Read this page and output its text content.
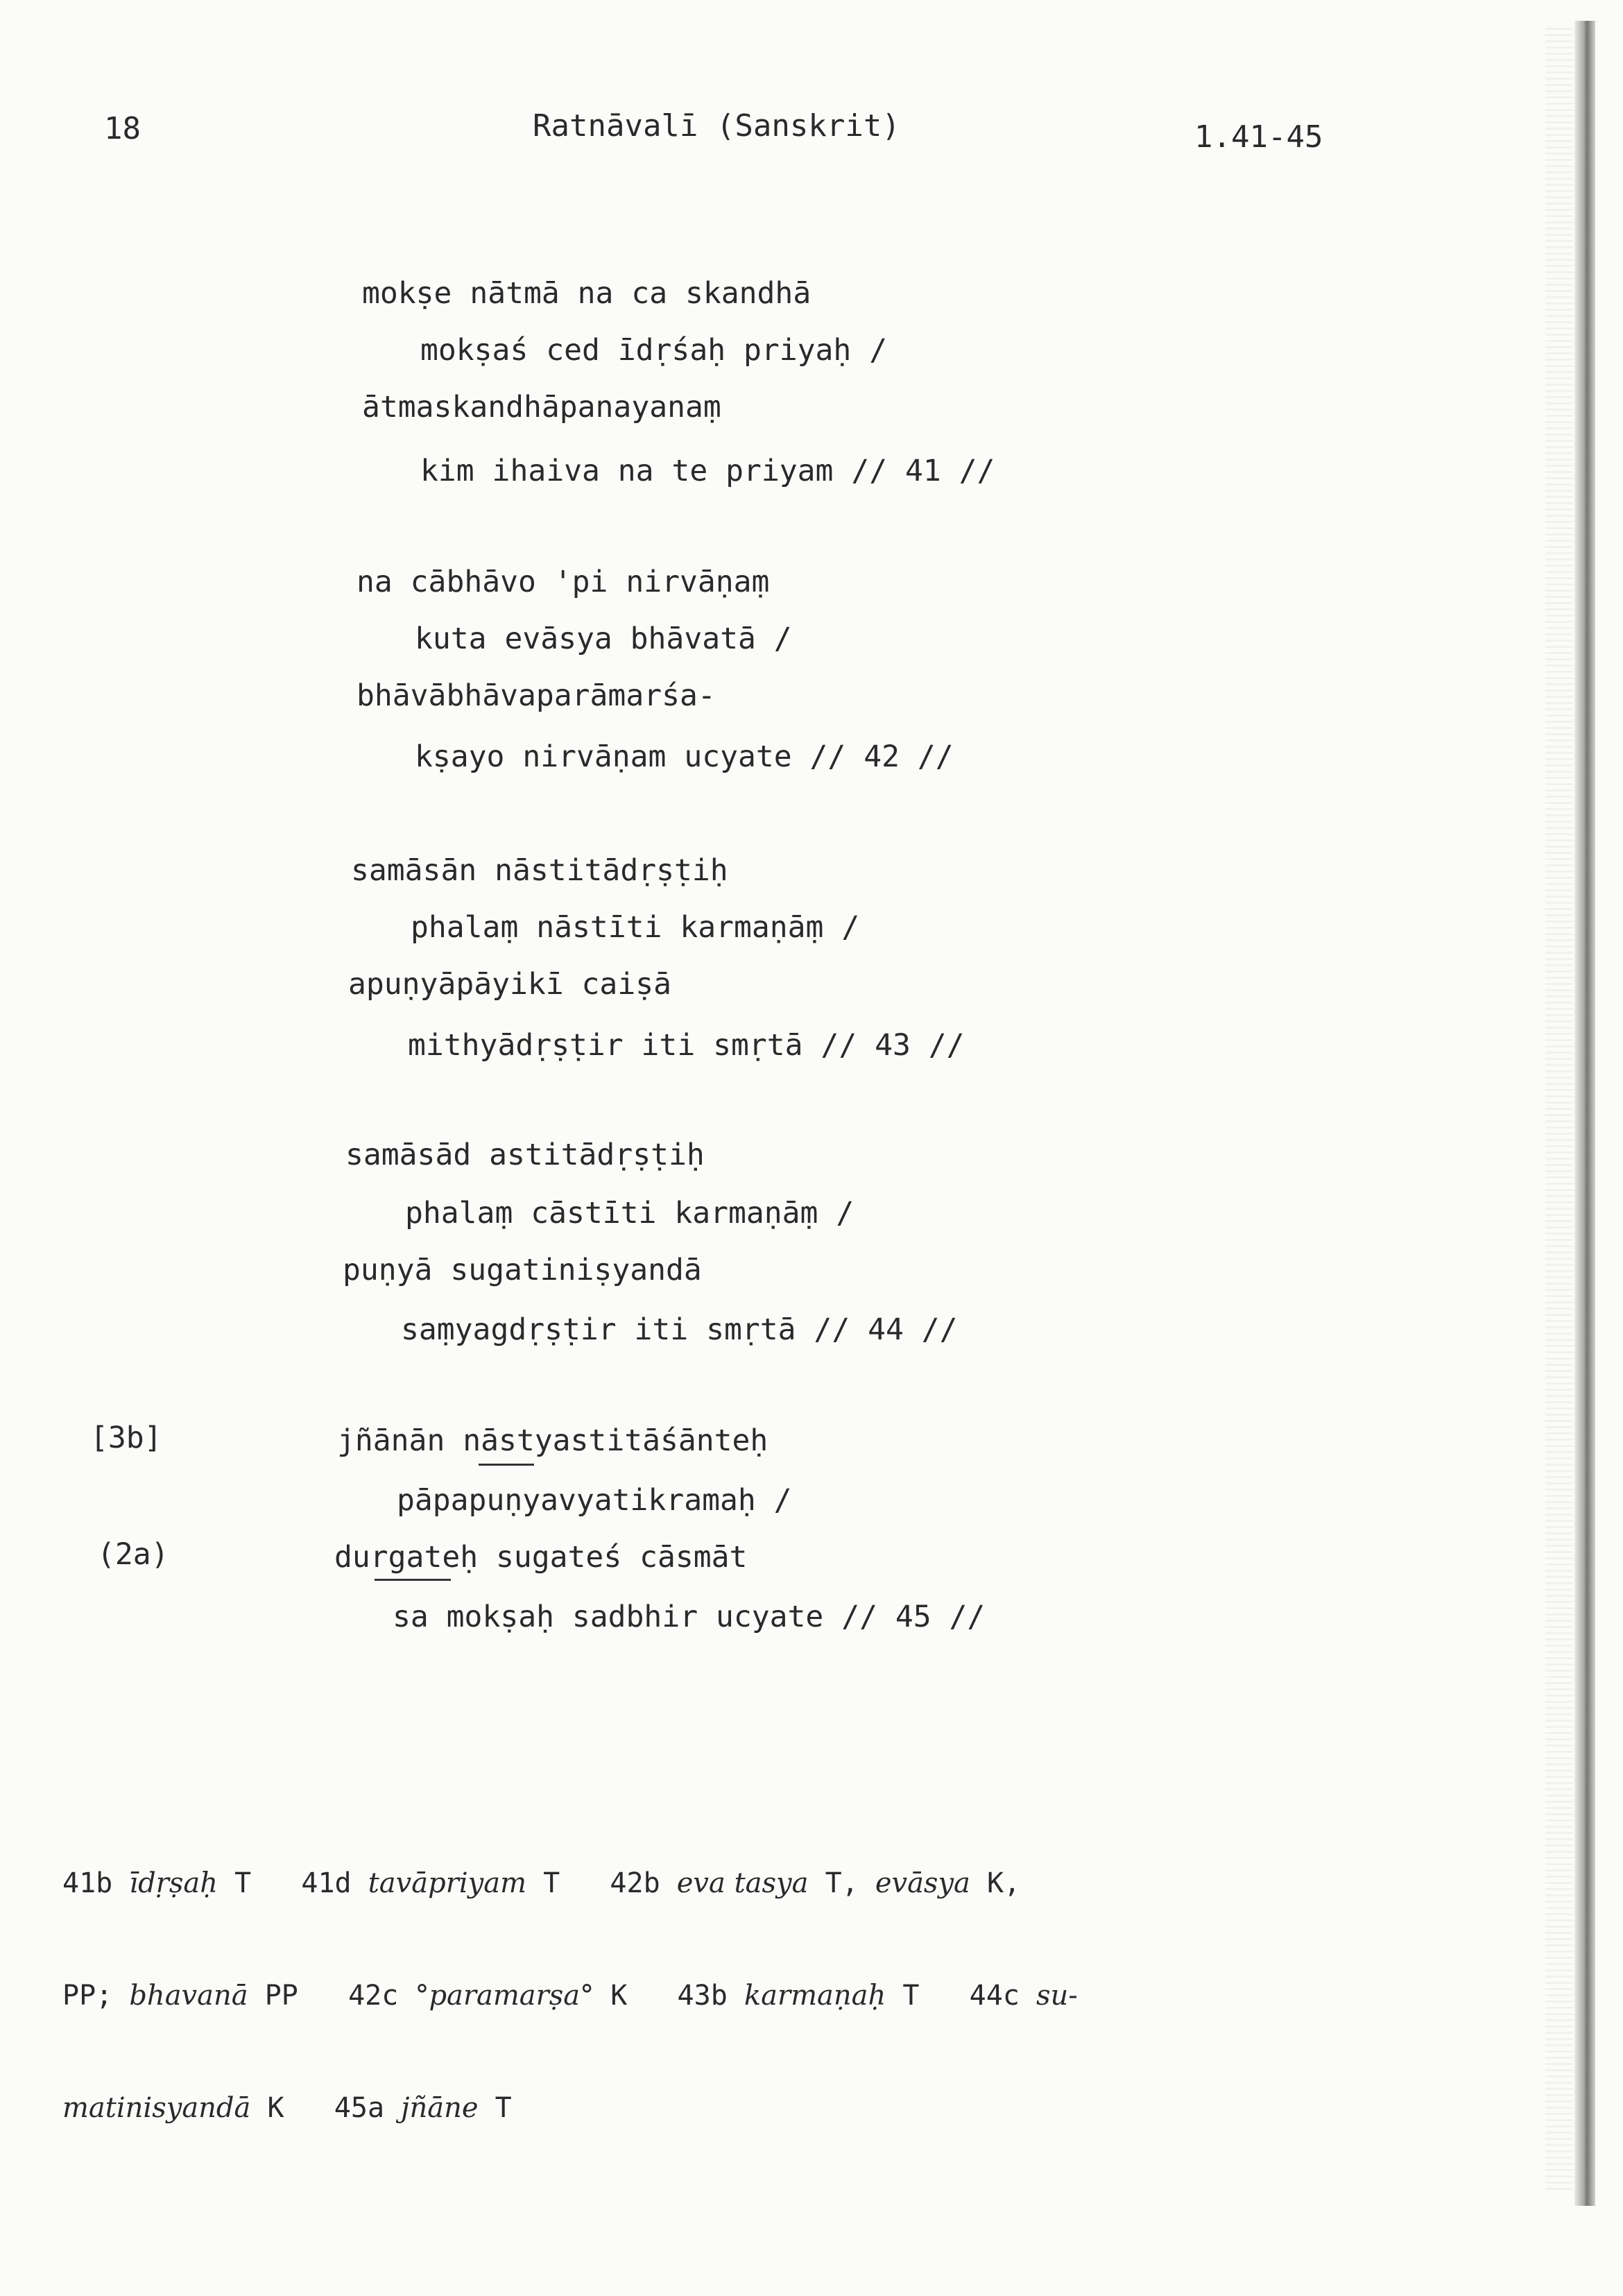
18	Ratnāvalī (Sanskrit)	1.41-45
mokṣe nātmā na ca skandhā
mokṣaś ced īdṛśaḥ priyaḥ /
ātmaskandhāpanayanaṃ
kim ihaiva na te priyam // 41 //
na cābhāvo 'pi nirvāṇaṃ
kuta evāsya bhāvatā /
bhāvābhāvaparāmarśa-
kṣayo nirvāṇam ucyate // 42 //
samāsān nāstitādṛṣṭiḥ
phalaṃ nāstīti karmaṇāṃ /
apuṇyāpāyikī caiṣā
mithyādṛṣṭir iti smṛtā // 43 //
samāsād astitādṛṣṭiḥ
phalaṃ cāstīti karmaṇāṃ /
puṇyā sugatiniṣyandā
saṃyagdṛṣṭir iti smṛtā // 44 //
[3b]	jñānān nāstyastitāśānteḥ
pāpapuṇyavyatikramaḥ /
(2a)	durgateḥ sugateś cāsmāt
sa mokṣaḥ sadbhir ucyate // 45 //

41b īdṛṣaḥ T   41d tavāpriyam T   42b eva tasya T, evāsya K,

PP; bhavanā PP   42c °paramarṣa° K   43b karmaṇaḥ T   44c su-

matinisyandā K   45a jñāne T
